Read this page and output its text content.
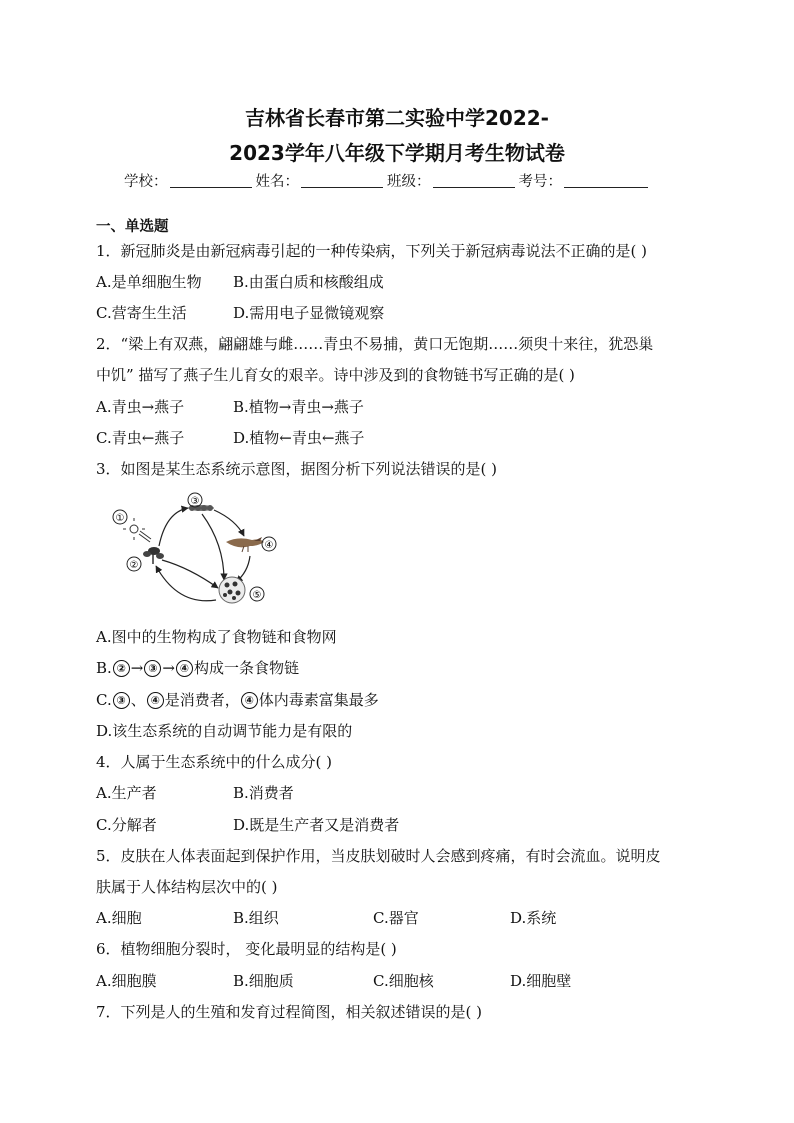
吉林省长春市第二实验中学2022-
2023学年八年级下学期月考生物试卷
学校：	姓名：	班级：	考号：
一、单选题
1．新冠肺炎是由新冠病毒引起的一种传染病，下列关于新冠病毒说法不正确的是( )
A.是单细胞生物 B.由蛋白质和核酸组成
C.营寄生生活	D.需用电子显微镜观察
2．“梁上有双燕，翩翩雄与雌……青虫不易捕，黄口无饱期……须臾十来往，犹恐巢
中饥” 描写了燕子生儿育女的艰辛。诗中涉及到的食物链书写正确的是( )
A.青虫→燕子	B.植物→青虫→燕子
C.青虫←燕子	D.植物←青虫←燕子
3．如图是某生态系统示意图，据图分析下列说法错误的是( )
①
②
③
④
⑤
A.图中的生物构成了食物链和食物网
B. ② → ③ → ④ 构成一条食物链
C. ③ 、 ④ 是消费者， ④ 体内毒素富集最多
D.该生态系统的自动调节能力是有限的
4．人属于生态系统中的什么成分( )
A.生产者	B.消费者
C.分解者	D.既是生产者又是消费者
5．皮肤在人体表面起到保护作用，当皮肤划破时人会感到疼痛，有时会流血。说明皮
肤属于人体结构层次中的( )
A.细胞	B.组织	C.器官	D.系统
6．植物细胞分裂时， 变化最明显的结构是( )
A.细胞膜	B.细胞质	C.细胞核	D.细胞壁
7．下列是人的生殖和发育过程简图，相关叙述错误的是( )
